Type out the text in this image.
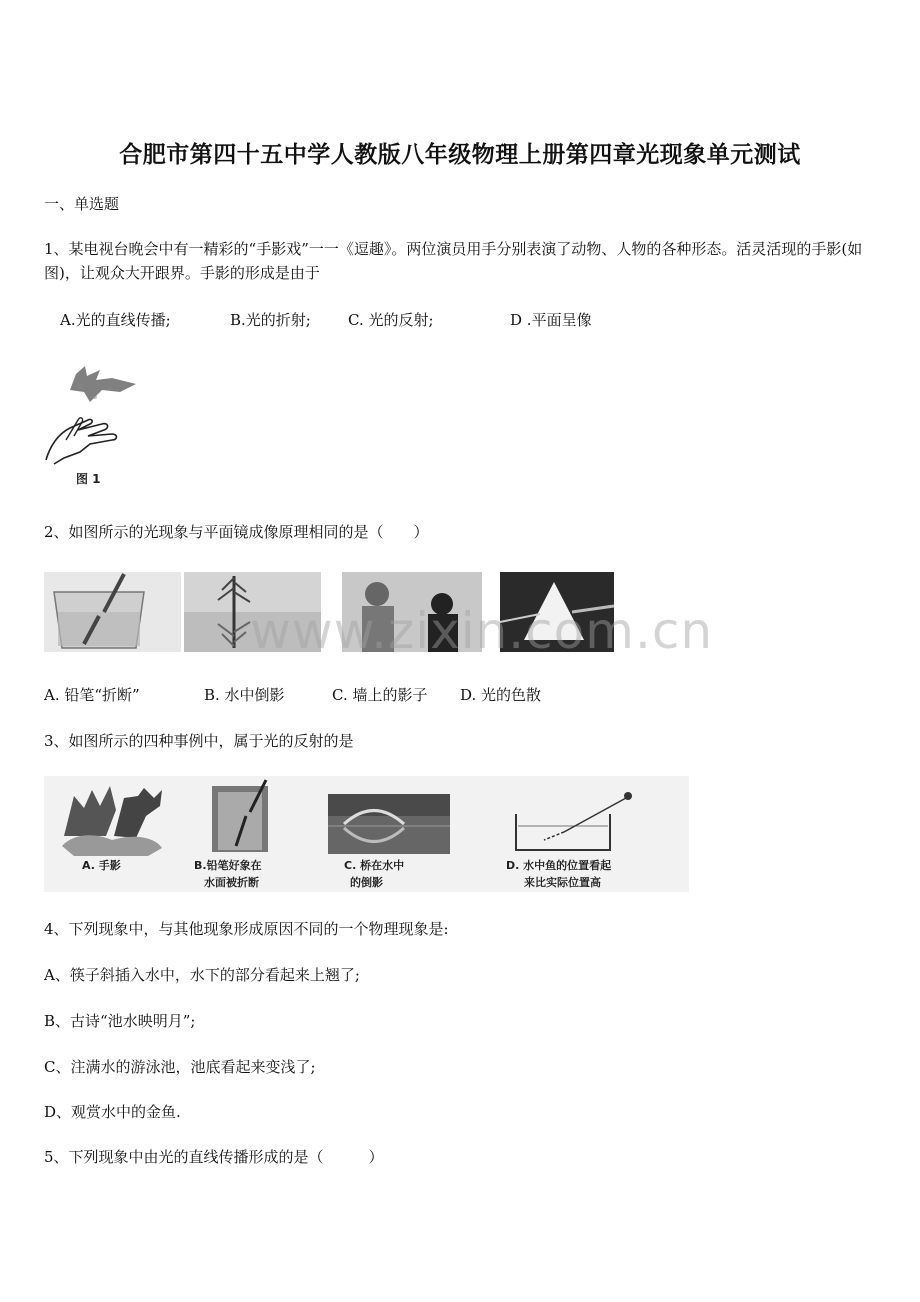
合肥市第四十五中学人教版八年级物理上册第四章光现象单元测试
一、单选题
1、某电视台晚会中有一精彩的“手影戏”一一《逗趣》。两位演员用手分别表演了动物、人物的各种形态。活灵活现的手影(如图)，让观众大开跟界。手影的形成是由于
A.光的直线传播;	B.光的折射; C. 光的反射;	D .平面呈像
图 1
2、如图所示的光现象与平面镜成像原理相同的是（　　）
www.zixin.com.cn
A. 铅笔“折断”	B. 水中倒影	C. 墙上的影子 D. 光的色散
3、如图所示的四种事例中，属于光的反射的是
A. 手影	B.铅笔好象在
水面被折断
C. 桥在水中
的倒影
D. 水中鱼的位置看起
来比实际位置高
4、下列现象中，与其他现象形成原因不同的一个物理现象是:
A、筷子斜插入水中，水下的部分看起来上翘了;
B、古诗“池水映明月”;
C、注满水的游泳池，池底看起来变浅了;
D、观赏水中的金鱼.
5、下列现象中由光的直线传播形成的是（　　　）
